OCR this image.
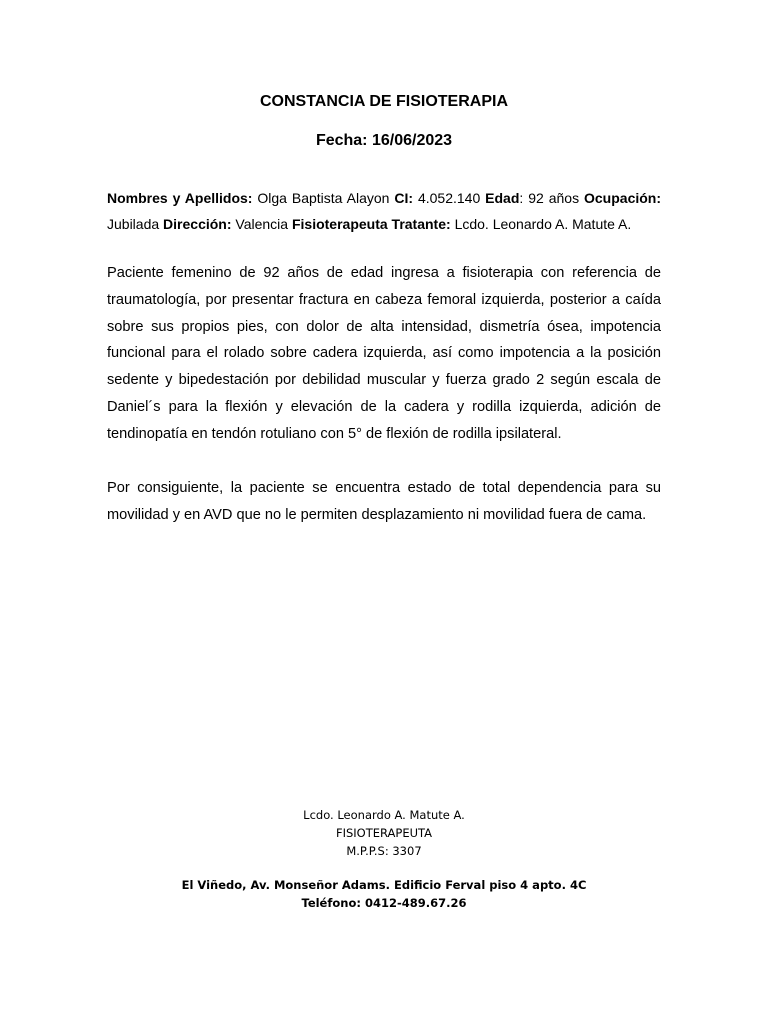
CONSTANCIA DE FISIOTERAPIA
Fecha: 16/06/2023
Nombres y Apellidos: Olga Baptista Alayon CI: 4.052.140 Edad: 92 años Ocupación: Jubilada Dirección: Valencia Fisioterapeuta Tratante: Lcdo. Leonardo A. Matute A.
Paciente femenino de 92 años de edad ingresa a fisioterapia con referencia de traumatología, por presentar fractura en cabeza femoral izquierda, posterior a caída sobre sus propios pies, con dolor de alta intensidad, dismetría ósea, impotencia funcional para el rolado sobre cadera izquierda, así como impotencia a la posición sedente y bipedestación por debilidad muscular y fuerza grado 2 según escala de Daniel´s para la flexión y elevación de la cadera y rodilla izquierda, adición de tendinopatía en tendón rotuliano con 5° de flexión de rodilla ipsilateral.
Por consiguiente, la paciente se encuentra estado de total dependencia para su movilidad y en AVD que no le permiten desplazamiento ni movilidad fuera de cama.
Lcdo. Leonardo A. Matute A.
FISIOTERAPEUTA
M.P.P.S: 3307
El Viñedo, Av. Monseñor Adams. Edificio Ferval piso 4 apto. 4C
Teléfono: 0412-489.67.26
